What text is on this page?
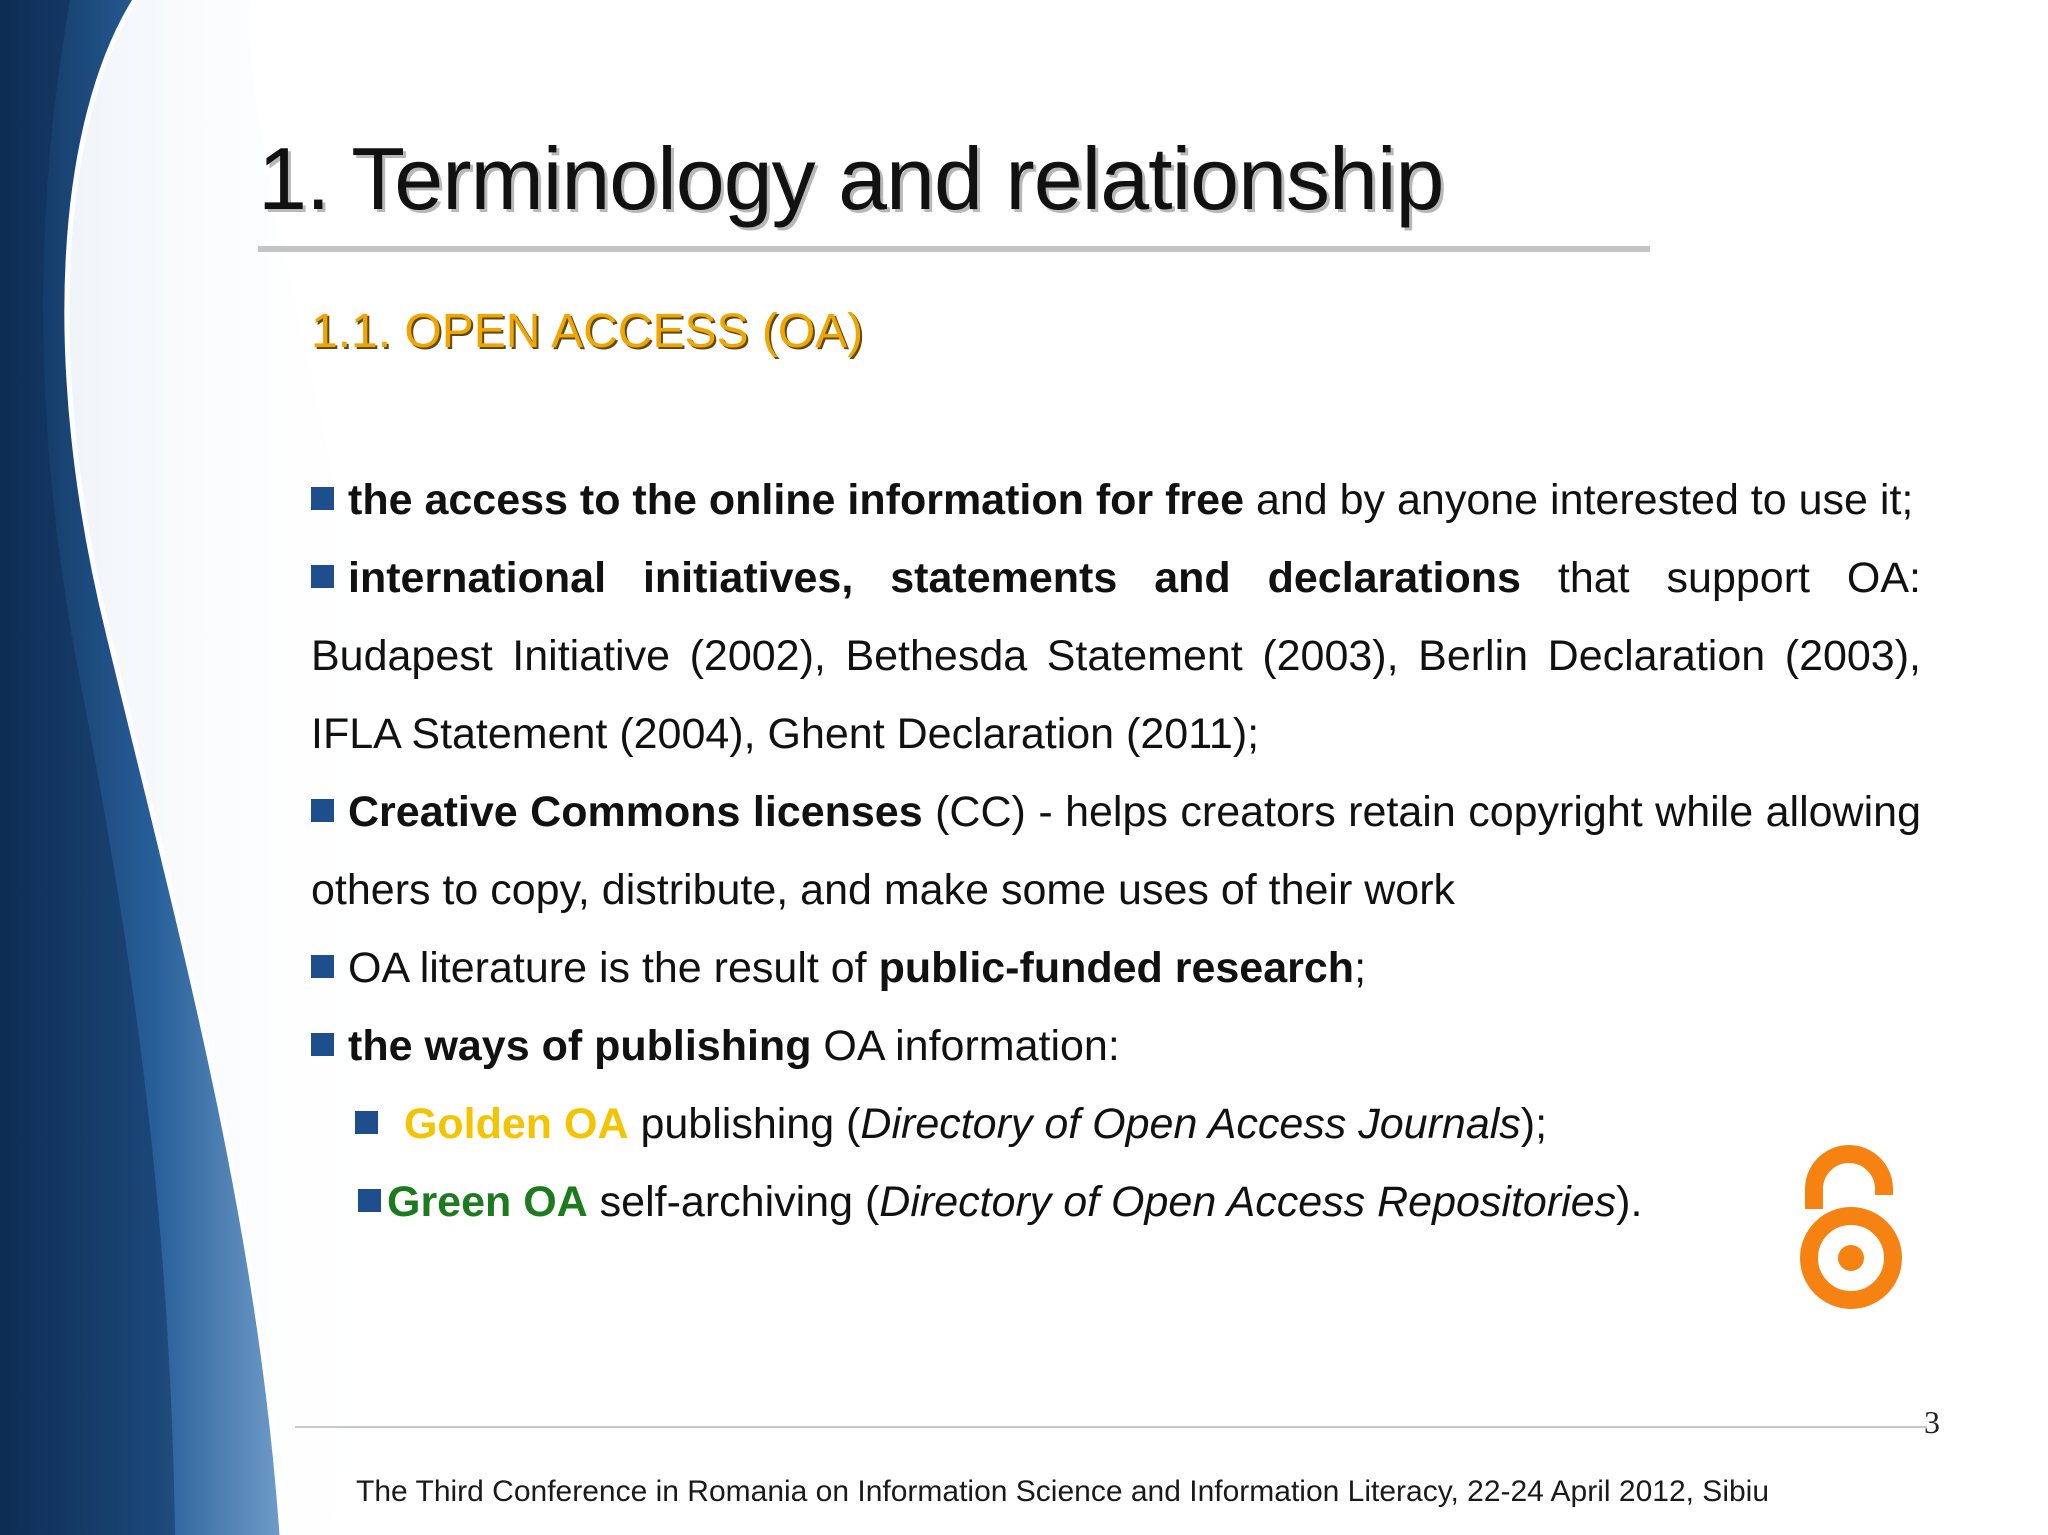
1. Terminology and relationship
1.1. OPEN ACCESS (OA)
the access to the online information for free and by anyone interested to use it;
international initiatives, statements and declarations that support OA: Budapest Initiative (2002), Bethesda Statement (2003), Berlin Declaration (2003), IFLA Statement (2004), Ghent Declaration (2011);
Creative Commons licenses (CC) - helps creators retain copyright while allowing others to copy, distribute, and make some uses of their work
OA literature is the result of public-funded research;
the ways of publishing OA information:
Golden OA publishing (Directory of Open Access Journals);
Green OA self-archiving (Directory of Open Access Repositories).
3
The Third Conference in Romania on Information Science and Information Literacy, 22-24 April 2012, Sibiu
